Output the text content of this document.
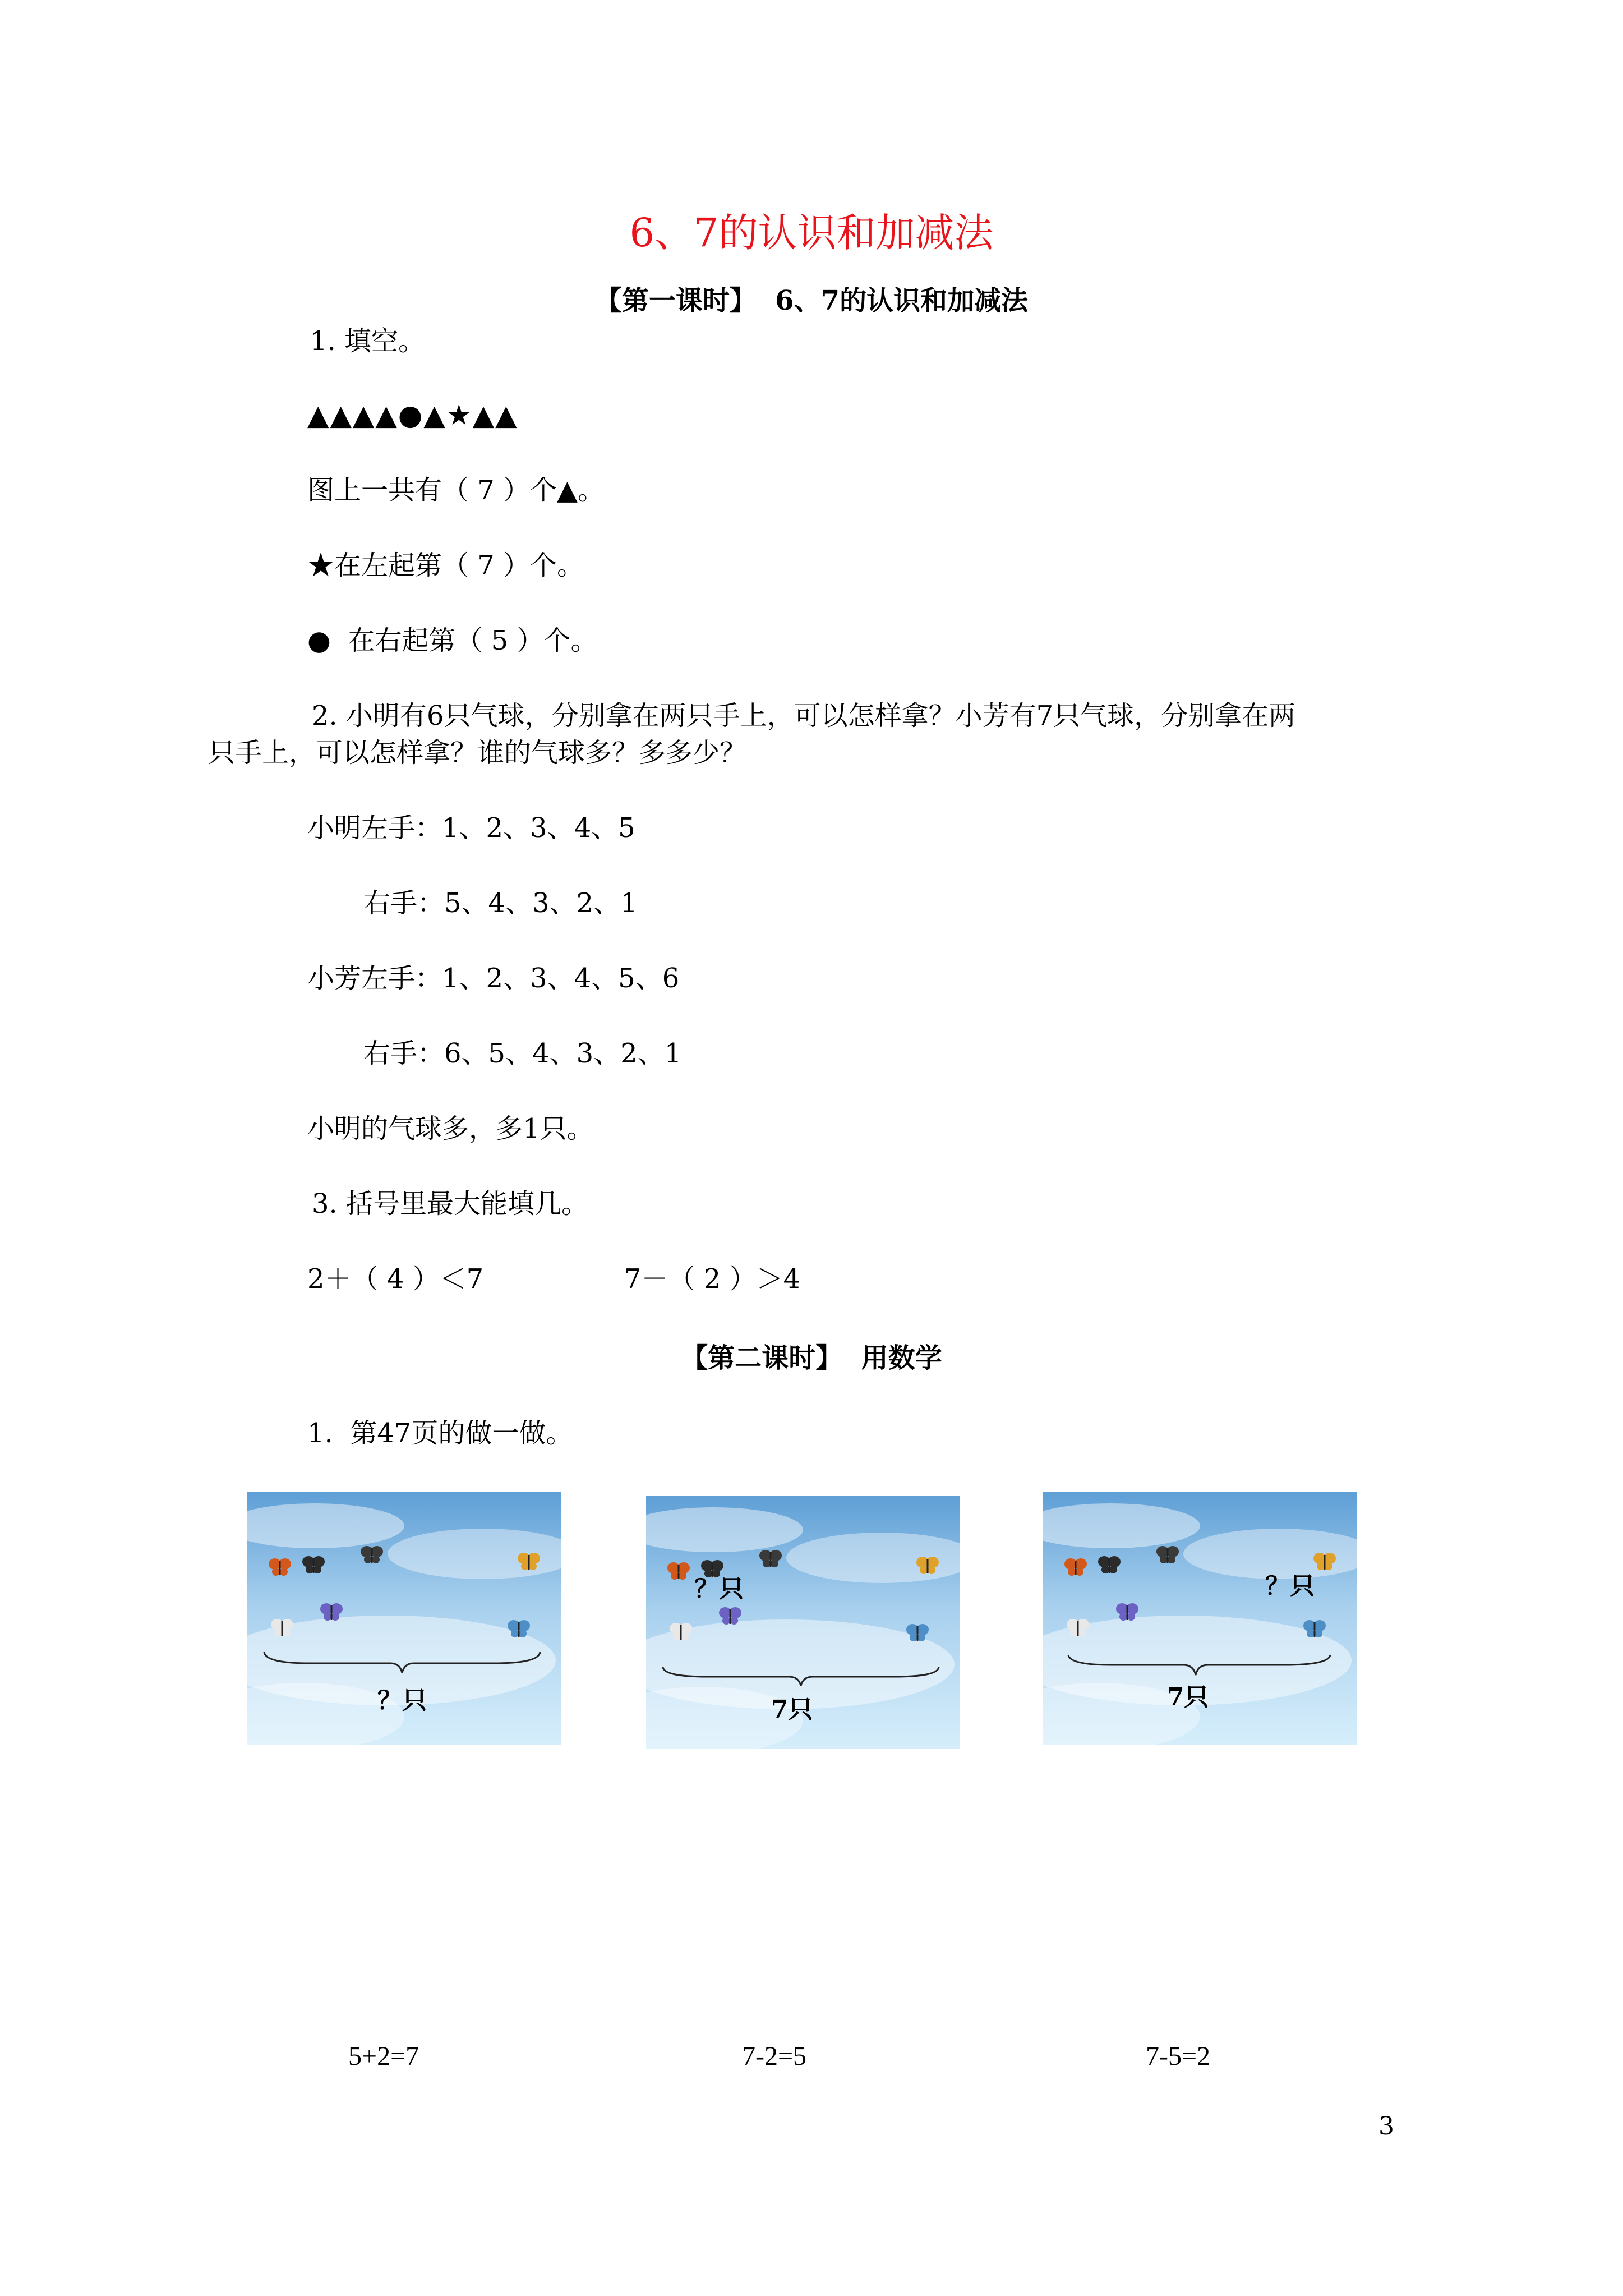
6、7的认识和加减法
【第一课时】  6、7的认识和加减法
1. 填空。
▲▲▲▲●▲★▲▲
图上一共有（ 7 ）个▲。
★在左起第（ 7 ）个。
●  在右起第（ 5 ）个。
2. 小明有6只气球，分别拿在两只手上，可以怎样拿？小芳有7只气球，分别拿在两
只手上，可以怎样拿？谁的气球多？多多少？
小明左手：1、2、3、4、5
右手：5、4、3、2、1
小芳左手：1、2、3、4、5、6
右手：6、5、4、3、2、1
小明的气球多，多1只。
3. 括号里最大能填几。
2＋（ 4 ）＜7	7－（ 2 ）＞4
【第二课时】  用数学
1.  第47页的做一做。
？只
？只
7只
？只
7只
5+2=7	7-2=5	7-5=2
3
